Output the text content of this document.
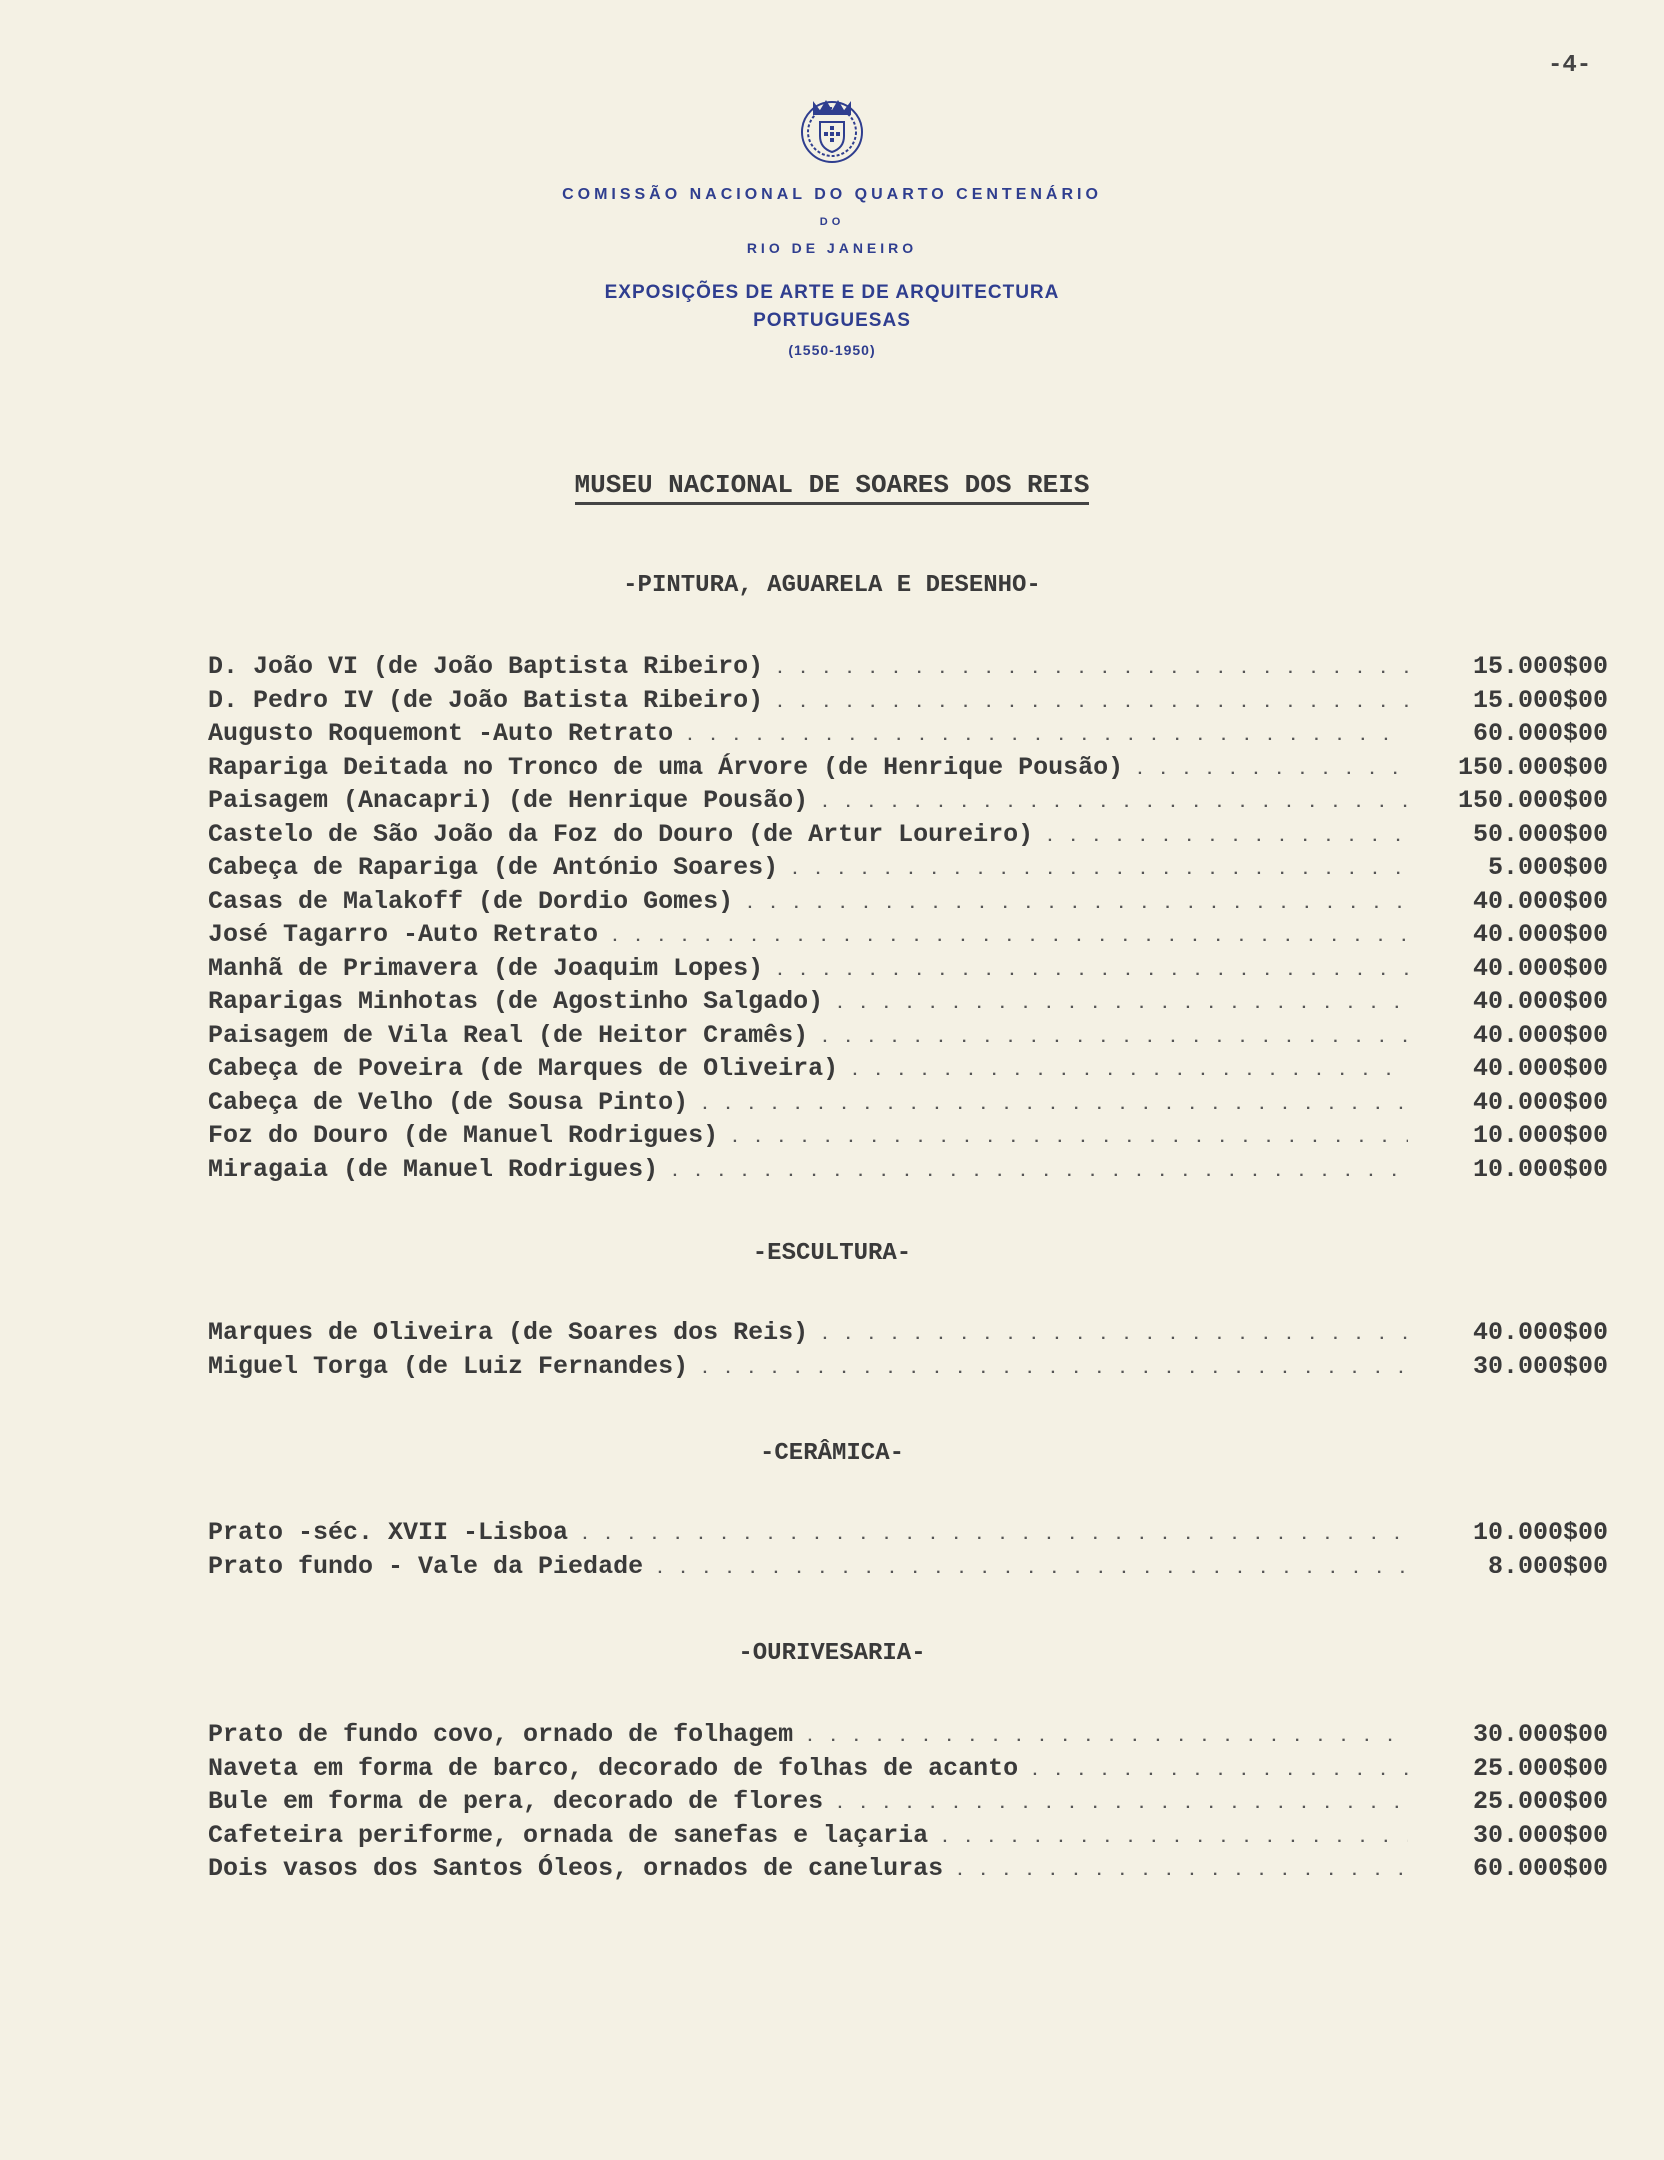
-4-
COMISSÃO NACIONAL DO QUARTO CENTENÁRIO
DO
RIO DE JANEIRO
EXPOSIÇÕES DE ARTE E DE ARQUITECTURA
PORTUGUESAS
(1550-1950)
MUSEU NACIONAL DE SOARES DOS REIS
-PINTURA, AGUARELA E DESENHO-
D. João VI (de João Baptista Ribeiro) . . .	15.000$00
D. Pedro IV (de João Batista Ribeiro) . . .	15.000$00
Augusto Roquemont -Auto Retrato . . .	60.000$00
Rapariga Deitada no Tronco de uma Árvore (de Henrique Pousão) . . .	150.000$00
Paisagem (Anacapri) (de Henrique Pousão) . . .	150.000$00
Castelo de São João da Foz do Douro (de Artur Loureiro) . . .	50.000$00
Cabeça de Rapariga (de António Soares) . . .	5.000$00
Casas de Malakoff (de Dordio Gomes) . . .	40.000$00
José Tagarro -Auto Retrato . . .	40.000$00
Manhã de Primavera (de Joaquim Lopes) . . .	40.000$00
Raparigas Minhotas (de Agostinho Salgado) . . .	40.000$00
Paisagem de Vila Real (de Heitor Cramês) . . .	40.000$00
Cabeça de Poveira (de Marques de Oliveira) . . .	40.000$00
Cabeça de Velho (de Sousa Pinto) . . .	40.000$00
Foz do Douro (de Manuel Rodrigues) . . .	10.000$00
Miragaia (de Manuel Rodrigues) . . .	10.000$00
-ESCULTURA-
Marques de Oliveira (de Soares dos Reis) . . .	40.000$00
Miguel Torga (de Luiz Fernandes) . . .	30.000$00
-CERÂMICA-
Prato -séc. XVII -Lisboa . . .	10.000$00
Prato fundo - Vale da Piedade . . .	8.000$00
-OURIVESARIA-
Prato de fundo covo, ornado de folhagem . . .	30.000$00
Naveta em forma de barco, decorado de folhas de acanto . . .	25.000$00
Bule em forma de pera, decorado de flores . . .	25.000$00
Cafeteira periforme, ornada de sanefas e laçaria . . .	30.000$00
Dois vasos dos Santos Óleos, ornados de caneluras . . .	60.000$00
